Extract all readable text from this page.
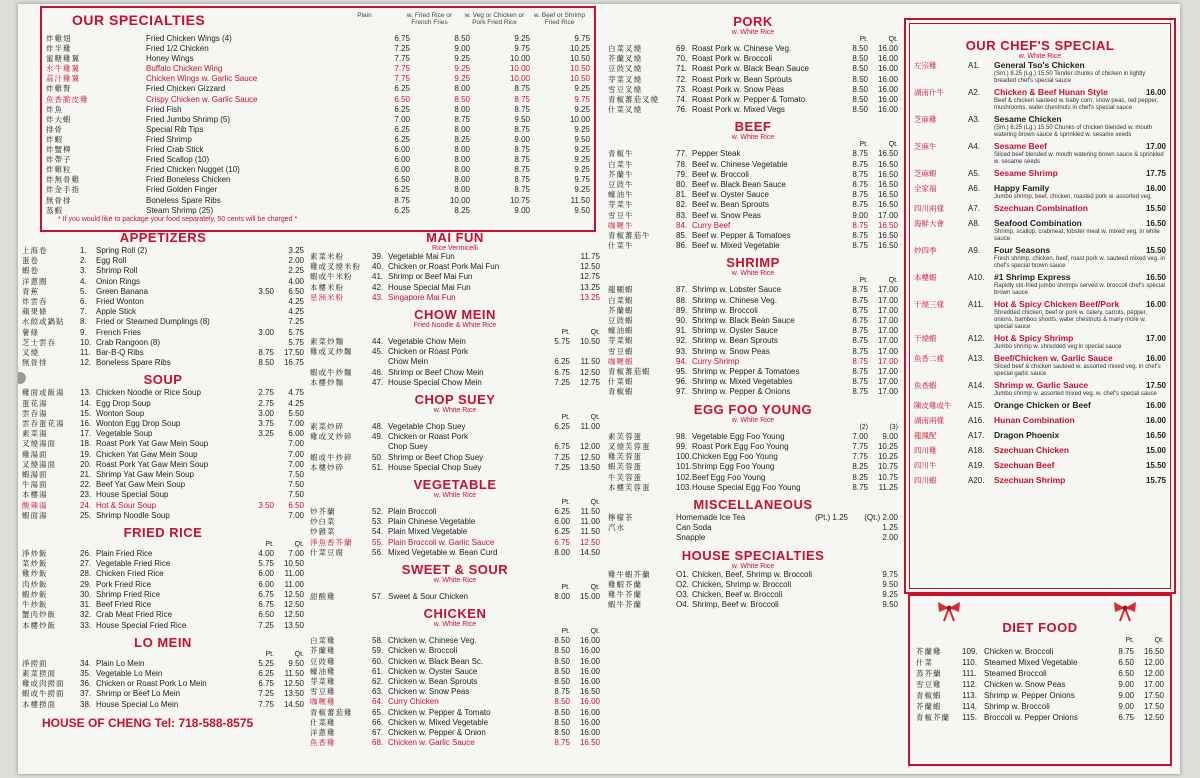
OUR SPECIALTIES	Plain	w. Fried Rice or French Fries
w. Veg or Chicken or Pork Fried Rice
w. Beef or Shrimp Fried Rice
炸雞翅	Fried Chicken Wings (4)	6.75	8.50	9.25	9.75
炸半雞	Fried 1/2 Chicken	7.25	9.00	9.75	10.25
蜜糖雞翼	Honey Wings	7.75	9.25	10.00	10.50
水牛雞翼	Buffalo Chicken Wing	7.75	9.25	10.00	10.50
蒜汁雞翼	Chicken Wings w. Garlic Sauce	7.75	9.25	10.00	10.50
炸雞腎	Fried Chicken Gizzard	6.25	8.00	8.75	9.25
魚香脆皮雞	Crispy Chicken w. Garlic Sauce	6.50	8.50	8.75	9.75
炸魚	Fried Fish	6.25	8.00	8.75	9.25
炸大蝦	Fried Jumbo Shrimp (5)	7.00	8.75	9.50	10.00
排骨	Special Rib Tips	6.25	8.00	8.75	9.25
炸蝦	Fried Shrimp	6.25	8.25	9.00	9.50
炸蟹柳	Fried Crab Stick	6.00	8.00	8.75	9.25
炸帶子	Fried Scallop (10)	6.00	8.00	8.75	9.25
炸雞粒	Fried Chicken Nugget (10)	6.00	8.00	8.75	9.25
炸無骨雞	Fried Boneless Chicken	6.50	8.00	8.75	9.75
炸金手指	Fried Golden Finger	6.25	8.00	8.75	9.25
無骨排	Boneless Spare Ribs	8.75	10.00	10.75	11.50
蒸蝦	Steam Shrimp (25)	6.25	8.25	9.00	9.50
* If you would like to package your food separately, 50 cents will be charged *
APPETIZERS
上海卷	1.	Spring Roll (2)	3.25
蛋卷	2.	Egg Roll	2.00
蝦卷	3.	Shrimp Roll	2.25
洋蔥圈	4.	Onion Rings	4.00
青蕉	5.	Green Banana	3.50	6.50
炸雲吞	6.	Fried Wonton	4.25
蘋果條	7.	Apple Stick	4.25
水餃或鍋貼	8.	Fried or Steamed Dumplings (8)	7.25
薯條	9.	French Fries	3.00	5.75
芝士雲吞	10. Crab Rangoon (8)	5.75
叉燒	11. Bar-B-Q Ribs	8.75	17.50
無骨排	12. Boneless Spare Ribs	8.50	16.75
SOUP
雞面或飯湯	13. Chicken Noodle or Rice Soup	2.75	4.75
蛋花湯	14. Egg Drop Soup	2.75	4.25
雲吞湯	15. Wonton Soup	3.00	5.50
雲吞蛋花湯	16. Wonton Egg Drop Soup	3.75	7.00
素菜湯	17. Vegetable Soup	3.25	6.00
叉燒湯面	18. Roast Pork Yat Gaw Mein Soup	7.00
雞湯面	19. Chicken Yat Gaw Mein Soup	7.00
叉燒湯面	20. Roast Pork Yat Gaw Mein Soup	7.00
蝦湯面	21. Shrimp Yat Gaw Mein Soup	7.50
牛湯面	22. Beef Yat Gaw Mein Soup	7.50
本樓湯	23. House Special Soup	7.50
酸辣湯	24. Hot & Sour Soup	3.50	6.50
蝦面湯	25. Shrimp Noodle Soup	7.00
FRIED RICE
Pt.	Qt.
淨炒飯	26. Plain Fried Rice	4.00	7.00
菜炒飯	27. Vegetable Fried Rice	5.75	10.50
雞炒飯	28. Chicken Fried Rice	6.00	11.00
肉炒飯	29. Pork Fried Rice	6.00	11.00
蝦炒飯	30. Shrimp Fried Rice	6.75	12.50
牛炒飯	31. Beef Fried Rice	6.75	12.50
蟹肉炒飯	32. Crab Meat Fried Rice	6.50	12.50
本樓炒飯	33. House Special Fried Rice	7.25	13.50
LO MEIN
Pt.	Qt.
淨撈面	34. Plain Lo Mein	5.25	9.50
素菜撈面	35. Vegetable Lo Mein	6.25	11.50
雞或肉撈面	36. Chicken or Roast Pork Lo Mein	6.75	12.50
蝦或牛撈面	37. Shrimp or Beef Lo Mein	7.25	13.50
本樓撈面	38. House Special Lo Mein	7.75	14.50
HOUSE OF CHENG Tel: 718-588-8575
MAI FUN
Rice Vermicelli
素菜米粉	39. Vegetable Mai Fun	11.75
雞或叉燒米粉	40. Chicken or Roast Pork Mai Fun	12.50
蝦或牛米粉	41. Shrimp or Beef Mai Fun	12.75
本樓米粉	42. House Special Mai Fun	13.25
星洲米粉	43. Singapore Mai Fun	13.25
CHOW MEIN
Fried Noodle & White Rice
Pt.	Qt.
素菜炒麵	44. Vegetable Chow Mein	5.75	10.50
雞或叉炒麵	45. Chicken or Roast Pork
Chow Mein	6.25	11.50
蝦或牛炒麵	46. Shrimp or Beef Chow Mein	6.75	12.50
本樓炒麵	47. House Special Chow Mein	7.25	12.75
CHOP SUEY
w. White Rice
Pt.	Qt.
素菜炒碎	48. Vegetable Chop Suey	6.25	11.00
雞或叉炒碎	49. Chicken or Roast Pork
Chop Suey	6.75	12.00
蝦或牛炒碎	50. Shrimp or Beef Chop Suey	7.25	12.50
本樓炒碎	51. House Special Chop Suey	7.25	13.50
VEGETABLE
w. White Rice
Pt.	Qt.
炒芥蘭	52. Plain Broccoli	6.25	11.50
炒白菜	53. Plain Chinese Vegetable	6.00	11.00
炒雜菜	54. Plain Mixed Vegetable	6.25	11.50
淨魚香芥蘭	55. Plain Broccoli w. Garlic Sauce	6.75	12.50
什菜豆腐	56. Mixed Vegetable w. Bean Curd	8.00	14.50
SWEET & SOUR
w. White Rice
Pt.	Qt.
甜酸雞	57. Sweet & Sour Chicken	8.00	15.00
CHICKEN
w. White Rice
Pt.	Qt.
白菜雞	58. Chicken w. Chinese Veg.	8.50	16.00
芥蘭雞	59. Chicken w. Broccoli	8.50	16.00
豆豉雞	60. Chicken w. Black Bean Sc.	8.50	16.00
蠔油雞	61. Chicken w. Oyster Sauce	8.50	16.00
芽菜雞	62. Chicken w. Bean Sprouts	8.50	16.00
雪豆雞	63. Chicken w. Snow Peas	8.75	16.50
咖喱雞	64. Curry Chicken	8.50	16.00
青椒蕃茄雞	65. Chicken w. Pepper & Tomato	8.50	16.00
什菜雞	66. Chicken w. Mixed Vegetable	8.50	16.00
洋蔥雞	67. Chicken w. Pepper & Onion	8.50	16.00
魚香雞	68. Chicken w. Garlic Sauce	8.75	16.50
PORK
w. White Rice
Pt.	Qt.
白菜叉燒	69. Roast Pork w. Chinese Veg.	8.50	16.00
芥蘭叉燒	70. Roast Pork w. Broccoli	8.50	16.00
豆豉叉燒	71. Roast Pork w. Black Bean Sauce	8.50	16.00
芽菜叉燒	72. Roast Pork w. Bean Sprouts	8.50	16.00
雪豆叉燒	73. Roast Pork w. Snow Peas	8.50	16.00
青椒蕃茄叉燒	74. Roast Pork w. Pepper & Tomato	8.50	16.00
什菜叉燒	76. Roast Pork w. Mixed Vegs	8.50	16.00
BEEF
w. White Rice
Pt.	Qt.
青椒牛	77. Pepper Steak	8.75	16.50
白菜牛	78. Beef w. Chinese Vegetable	8.75	16.50
芥蘭牛	79. Beef w. Broccoli	8.75	16.50
豆豉牛	80. Beef w. Black Bean Sauce	8.75	16.50
蠔油牛	81. Beef w. Oyster Sauce	8.75	16.50
芽菜牛	82. Beef w. Bean Sprouts	8.75	16.50
雪豆牛	83. Beef w. Snow Peas	9.00	17.00
咖喱牛	84. Curry Beef	8.75	16.50
青椒蕃茄牛	85. Beef w. Pepper & Tomatoes	8.75	16.50
什菜牛	86. Beef w. Mixed Vegetable	8.75	16.50
SHRIMP
w. White Rice
Pt.	Qt.
龍糊蝦	87. Shrimp w. Lobster Sauce	8.75	17.00
白菜蝦	88. Shrimp w. Chinese Veg.	8.75	17.00
芥蘭蝦	89. Shrimp w. Broccoli	8.75	17.00
豆豉蝦	90. Shrimp w. Black Bean Sauce	8.75	17.00
蠔油蝦	91. Shrimp w. Oyster Sauce	8.75	17.00
芽菜蝦	92. Shrimp w. Bean Sprouts	8.75	17.00
雪豆蝦	93. Shrimp w. Snow Peas	8.75	17.00
咖喱蝦	94. Curry Shrimp	8.75	17.00
青椒蕃茄蝦	95. Shrimp w. Pepper & Tomatoes	8.75	17.00
什菜蝦	96. Shrimp w. Mixed Vegetables	8.75	17.00
青椒蝦	97. Shrimp w. Pepper & Onions	8.75	17.00
EGG FOO YOUNG
w. White Rice
(2)	(3)
素芙蓉蛋	98. Vegetable Egg Foo Young	7.00	9.00
叉燒芙蓉蛋	99. Roast Pork Egg Foo Young	7.75	10.25
雞芙蓉蛋	100. Chicken Egg Foo Young	7.75	10.25
蝦芙蓉蛋	101. Shrimp Egg Foo Young	8.25	10.75
牛芙蓉蛋	102. Beef Egg Foo Young	8.25	10.75
本樓芙蓉蛋	103. House Special Egg Foo Young	8.75	11.25
MISCELLANEOUS
檸檬茶	Homemade Ice Tea	(Pt.) 1.25	(Qt.) 2.00
汽水	Can Soda	1.25
Snapple	2.00
HOUSE SPECIALTIES
w. White Rice
雞牛蝦芥蘭	O1. Chicken, Beef, Shrimp w. Broccoli	9.75
雞蝦芥蘭	O2. Chicken, Shrimp w. Broccoli	9.50
雞牛芥蘭	O3. Chicken, Beef w. Broccoli	9.25
蝦牛芥蘭	O4. Shrimp, Beef w. Broccoli	9.50
OUR CHEF'S SPECIAL
w. White Rice
左宗雞	A1.	General Tso's Chicken
(Sm.) 8.25 (Lg.) 15.50 Tender chunks of chicken in lightly breaded chef's special sauce
湖南什牛	A2.	Chicken & Beef Hunan Style	16.00
Beef & chicken sauteed w. baby corn, snow peas, red pepper, mushrooms, water chestnuts in chef's special sauce
芝麻雞	A3.	Sesame Chicken
(Sm.) 8.25 (Lg.) 15.50 Chunks of chicken blended w. mouth watering brown sauce & sprinkled w. sesame seeds
芝麻牛	A4.	Sesame Beef	17.00
Sliced beef blended w. mouth watering brown sauce & sprinkled w. sesame seeds
芝麻蝦	A5.	Sesame Shrimp	17.75
全家福	A6.	Happy Family	16.00
Jumbo shrimp, beef, chicken, roasted pork w. assorted veg.
四川兩樣	A7.	Szechuan Combination	15.50
海鮮大會	A8.	Seafood Combination	16.50
Shrimp, scallop, crabmeat, lobster meat w. mixed veg. in white sauce
炒四季	A9.	Four Seasons	15.50
Fresh shrimp, chicken, beef, roast pork w. sauteed mixed veg. in chef's special brown sauce
本樓蝦	A10.	#1 Shrimp Express	16.50
Rapidly stir-fried jumbo shrimps served w. broccoli chef's special brown sauce
干燒三樣	A11.	Hot & Spicy Chicken Beef/Pork	16.00
Shredded chicken, beef or pork w. celery, carrots, pepper, onions, bamboo shoots, water chestnuts & many more w. special sauce
干燒蝦	A12.	Hot & Spicy Shrimp	17.00
Jumbo shrimp w. shredded veg in special sauce
魚香二樣	A13.	Beef/Chicken w. Garlic Sauce	16.00
Sliced beef & chicken sauteed w. assorted mixed veg. in chef's special garlic sauce
魚香蝦	A14.	Shrimp w. Garlic Sauce	17.50
Jumbo shrimp w. assorted mixed veg. w. chef's special sauce
陳皮雞或牛	A15.	Orange Chicken or Beef	16.00
湖南兩樣	A16.	Hunan Combination	16.00
龍鳳配	A17.	Dragon Phoenix	16.50
四川雞	A18.	Szechuan Chicken	15.00
四川牛	A19.	Szechuan Beef	15.50
四川蝦	A20.	Szechuan Shrimp	15.75
DIET FOOD
Pt.	Qt.
芥蘭雞	109. Chicken w. Broccoli	8.75	16.50
什菜	110. Steamed Mixed Vegetable	6.50	12.00
蒸芥蘭	111. Steamed Broccoli	6.50	12.00
雪豆雞	112. Chicken w. Snow Peas	9.00	17.00
青椒蝦	113. Shrimp w. Pepper Onions	9.00	17.50
芥蘭蝦	114. Shrimp w. Broccoli	9.00	17.50
青椒芥蘭	115. Broccoli w. Pepper Onions	6.75	12.50
